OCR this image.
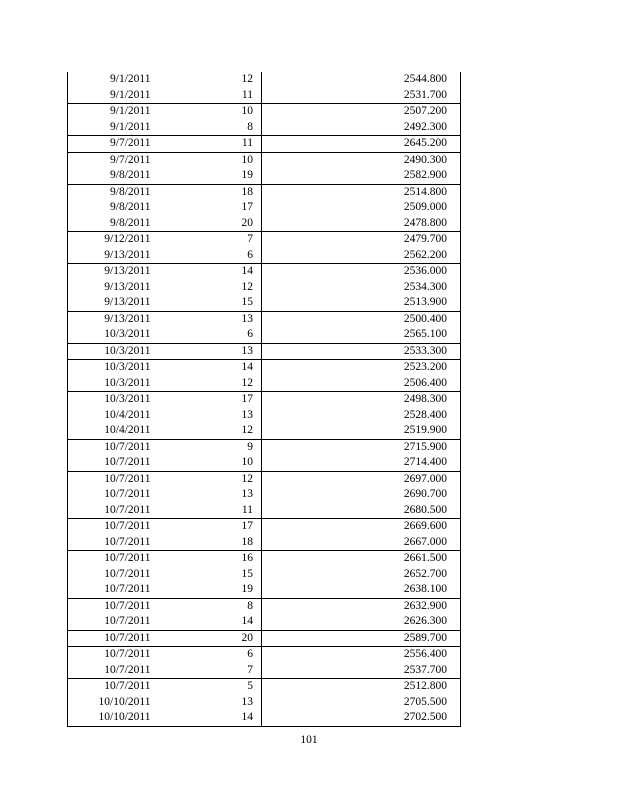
9/1/2011	12	2544.800
9/1/2011	11	2531.700
9/1/2011	10	2507.200
9/1/2011	8	2492.300
9/7/2011	11	2645.200
9/7/2011	10	2490.300
9/8/2011	19	2582.900
9/8/2011	18	2514.800
9/8/2011	17	2509.000
9/8/2011	20	2478.800
9/12/2011	7	2479.700
9/13/2011	6	2562.200
9/13/2011	14	2536.000
9/13/2011	12	2534.300
9/13/2011	15	2513.900
9/13/2011	13	2500.400
10/3/2011	6	2565.100
10/3/2011	13	2533.300
10/3/2011	14	2523.200
10/3/2011	12	2506.400
10/3/2011	17	2498.300
10/4/2011	13	2528.400
10/4/2011	12	2519.900
10/7/2011	9	2715.900
10/7/2011	10	2714.400
10/7/2011	12	2697.000
10/7/2011	13	2690.700
10/7/2011	11	2680.500
10/7/2011	17	2669.600
10/7/2011	18	2667.000
10/7/2011	16	2661.500
10/7/2011	15	2652.700
10/7/2011	19	2638.100
10/7/2011	8	2632.900
10/7/2011	14	2626.300
10/7/2011	20	2589.700
10/7/2011	6	2556.400
10/7/2011	7	2537.700
10/7/2011	5	2512.800
10/10/2011	13	2705.500
10/10/2011	14	2702.500
101
